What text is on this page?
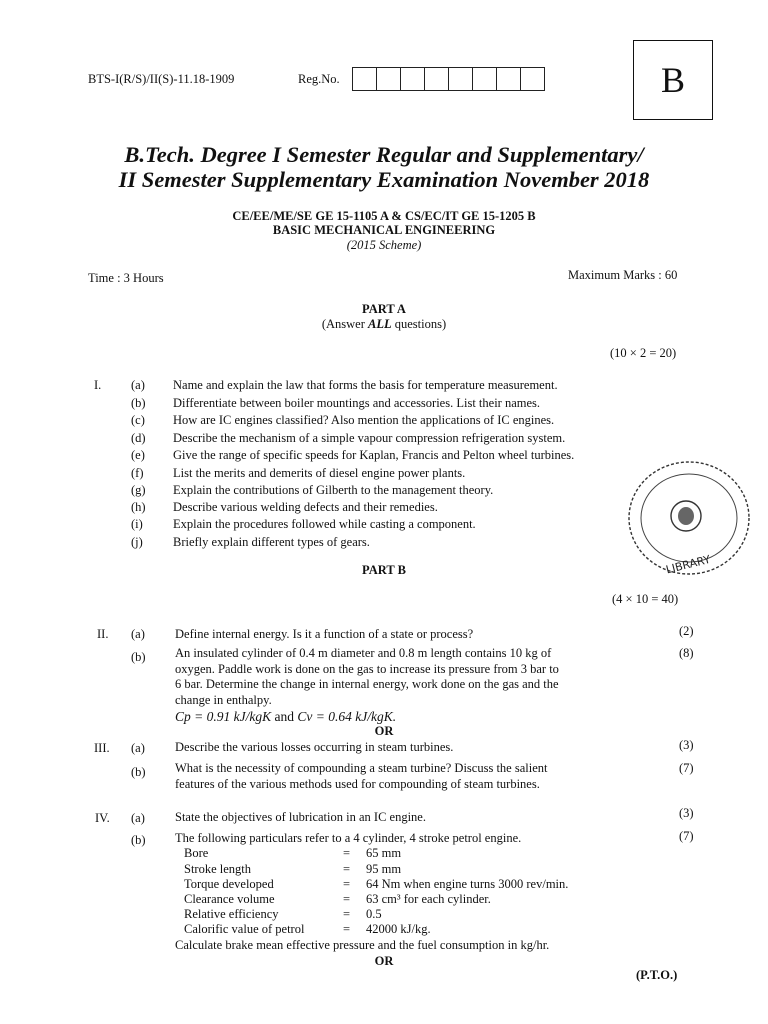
BTS-I(R/S)/II(S)-11.18-1909	Reg.No.	B
B.Tech. Degree I Semester Regular and Supplementary/
II Semester Supplementary Examination November 2018
CE/EE/ME/SE GE 15-1105 A & CS/EC/IT GE 15-1205 B
BASIC MECHANICAL ENGINEERING
(2015 Scheme)
Time : 3 Hours	Maximum Marks : 60
PART A
(Answer ALL questions)
(10 × 2 = 20)
I. (a) Name and explain the law that forms the basis for temperature measurement.
(b) Differentiate between boiler mountings and accessories. List their names.
(c) How are IC engines classified? Also mention the applications of IC engines.
(d) Describe the mechanism of a simple vapour compression refrigeration system.
(e) Give the range of specific speeds for Kaplan, Francis and Pelton wheel turbines.
(f) List the merits and demerits of diesel engine power plants.
(g) Explain the contributions of Gilberth to the management theory.
(h) Describe various welding defects and their remedies.
(i) Explain the procedures followed while casting a component.
(j) Briefly explain different types of gears.
LIBRARY
PART B
(4 × 10 = 40)
II. (a) Define internal energy. Is it a function of a state or process?	(2)
(b)	(8)
An insulated cylinder of 0.4 m diameter and 0.8 m length contains 10 kg of
oxygen. Paddle work is done on the gas to increase its pressure from 3 bar to
6 bar. Determine the change in internal energy, work done on the gas and the
change in enthalpy.
Cp = 0.91 kJ/kgK and Cv = 0.64 kJ/kgK.
OR
III. (a) Describe the various losses occurring in steam turbines.	(3)
(b)	(7)
What is the necessity of compounding a steam turbine? Discuss the salient
features of the various methods used for compounding of steam turbines.
IV. (a) State the objectives of lubrication in an IC engine.	(3)
(b) The following particulars refer to a 4 cylinder, 4 stroke petrol engine.	(7)
Bore	= 65 mm
Stroke length	= 95 mm
Torque developed	= 64 Nm when engine turns 3000 rev/min.
Clearance volume	= 63 cm³ for each cylinder.
Relative efficiency	= 0.5
Calorific value of petrol	= 42000 kJ/kg.
Calculate brake mean effective pressure and the fuel consumption in kg/hr.
OR
(P.T.O.)
